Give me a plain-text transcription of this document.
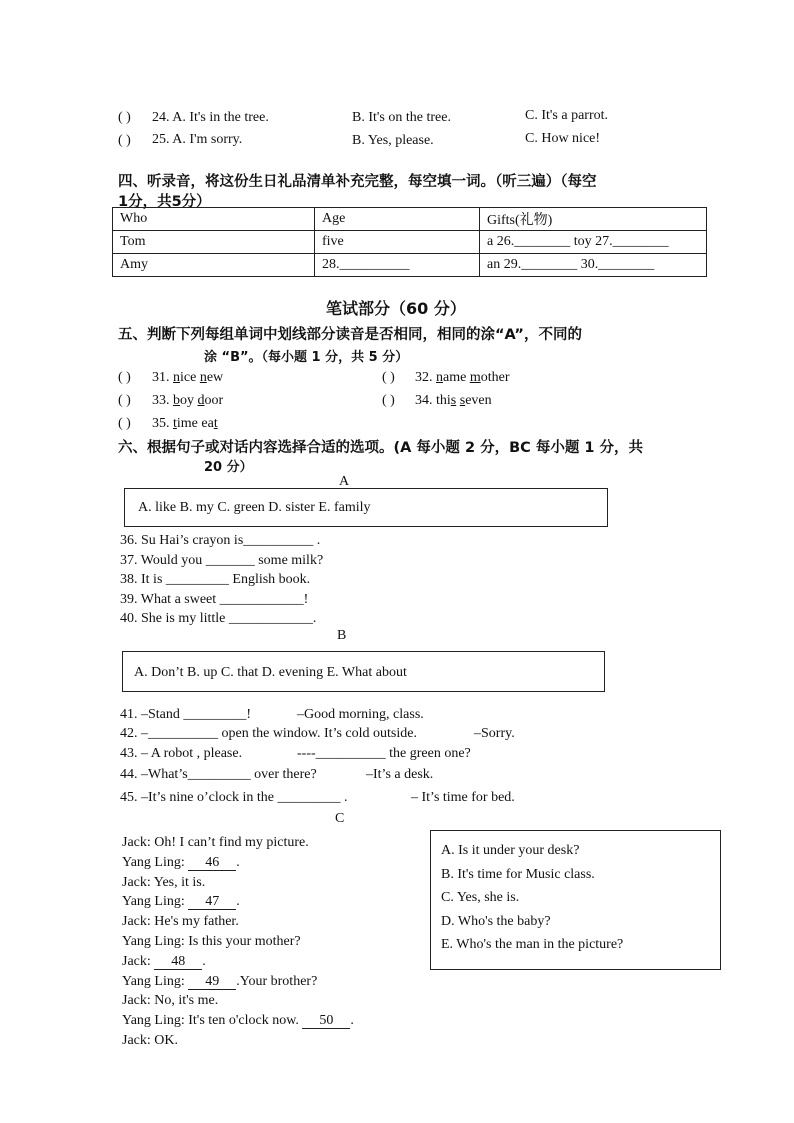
( ) 24. A. It's in the tree.	B. It's on the tree.	C. It's a parrot.
( ) 25. A. I'm sorry.	B. Yes, please.	C. How nice!
四、听录音，将这份生日礼品清单补充完整，每空填一词。（听三遍）（每空
1分，共5分）
Who	Age	Gifts(礼物)
Tom	five	a 26.________ toy 27.________
Amy	28.__________	an 29.________ 30.________
笔试部分（60 分）
五、判断下列每组单词中划线部分读音是否相同，相同的涂“A”，不同的
涂 “B”。（每小题 1 分，共 5 分）
( ) 31. nice new	( ) 32. name mother
( ) 33. boy door	( ) 34. this seven
( ) 35. time eat
六、根据句子或对话内容选择合适的选项。(A 每小题 2 分，BC 每小题 1 分，共
20 分）
A
A. like B. my C. green D. sister E. family
36. Su Hai’s crayon is__________ .
37. Would you _______ some milk?
38. It is _________ English book.
39. What a sweet ____________!
40. She is my little ____________.
B
A. Don’t B. up C. that D. evening E. What about
41. –Stand _________!	–Good morning, class.
42. –__________ open the window. It’s cold outside.	–Sorry.
43. – A robot , please.	----__________ the green one?
44. –What’s_________ over there?	–It’s a desk.
45. –It’s nine o’clock in the _________ .	– It’s time for bed.
C
Jack: Oh! I can’t find my picture.
Yang Ling: 46 .
Jack: Yes, it is.
Yang Ling: 47 .
Jack: He's my father.
Yang Ling: Is this your mother?
Jack: 48 .
Yang Ling: 49 .Your brother?
Jack: No, it's me.
Yang Ling: It's ten o'clock now. 50 .
Jack: OK.
A. Is it under your desk?
B. It's time for Music class.
C. Yes, she is.
D. Who's the baby?
E. Who's the man in the picture?
